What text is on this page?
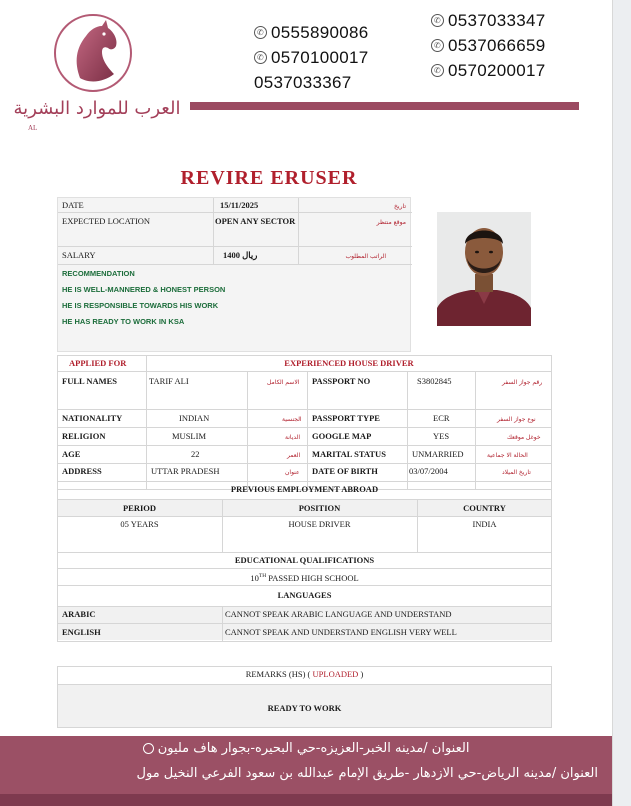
العرب للموارد البشرية
AL
✆ 0555890086
✆ 0570100017
0537033367
✆ 0537033347
✆ 0537066659
✆ 0570200017
REVIRE ERUSER
DATE	15/11/2025	تاريخ
EXPECTED LOCATION	OPEN ANY SECTOR	موقع منتظر
SALARY	1400 ريال	الراتب المطلوب
RECOMMENDATION
HE IS WELL-MANNERED & HONEST PERSON
HE IS RESPONSIBLE TOWARDS HIS WORK
HE HAS READY TO WORK IN KSA
APPLIED FOR	EXPERIENCED HOUSE DRIVER
FULL NAMES	TARIF ALI	الاسم الكامل PASSPORT NO	S3802845	رقم جواز السفر
NATIONALITY	INDIAN	الجنسية PASSPORT TYPE	ECR	نوع جواز السفر
RELIGION	MUSLIM	الديانة GOOGLE MAP	YES	خوغل موقعك
AGE	22	العمر MARITAL STATUS	UNMARRIED	الحالة الا جماعية
ADDRESS	UTTAR PRADESH	عنوان DATE OF BIRTH	03/07/2004	تاريخ الميلاد
PREVIOUS EMPLOYMENT ABROAD
PERIOD	POSITION	COUNTRY
05 YEARS	HOUSE DRIVER	INDIA
EDUCATIONAL QUALIFICATIONS
10TH PASSED HIGH SCHOOL
LANGUAGES
ARABIC	CANNOT SPEAK ARABIC LANGUAGE AND UNDERSTAND
ENGLISH	CANNOT SPEAK AND UNDERSTAND ENGLISH VERY WELL
REMARKS (HS) ( UPLOADED )
READY TO WORK
العنوان /مدينه الخبر-العزيزه-حي البحيره-بجوار هاف مليون
العنوان /مدينه الرياض-حي الازدهار -طريق الإمام عبدالله بن سعود الفرعي النخيل مول
